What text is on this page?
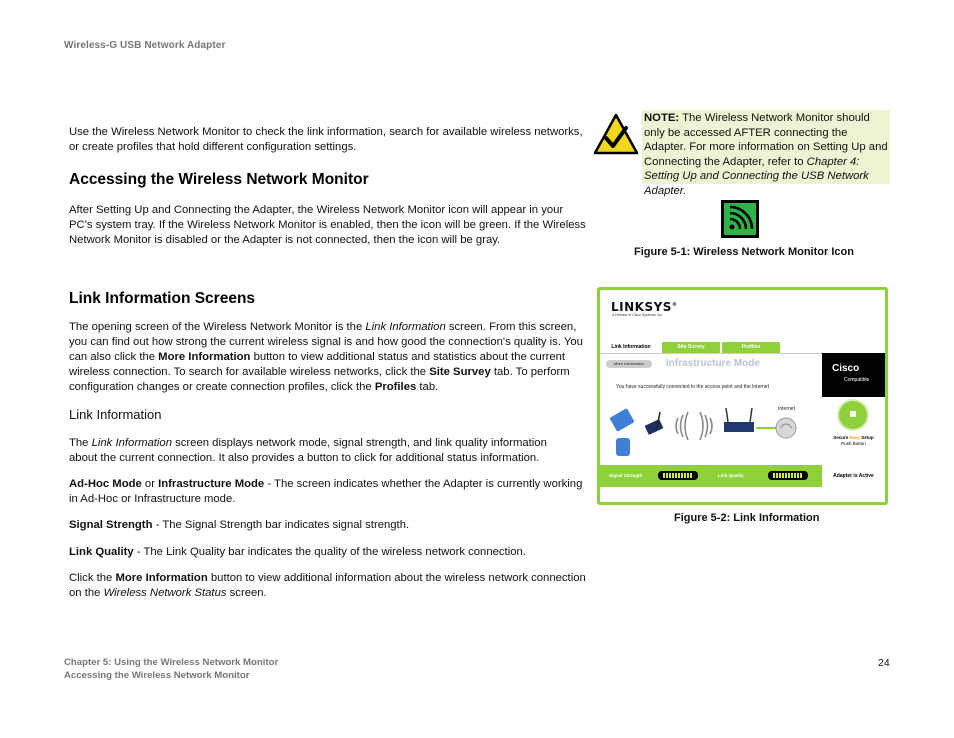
Wireless-G USB Network Adapter
Use the Wireless Network Monitor to check the link information, search for available wireless networks, or create profiles that hold different configuration settings.
Accessing the Wireless Network Monitor
After Setting Up and Connecting the Adapter, the Wireless Network Monitor icon will appear in your PC's system tray. If the Wireless Network Monitor is enabled, then the icon will be green. If the Wireless Network Monitor is disabled or the Adapter is not connected, then the icon will be gray.
Link Information Screens
The opening screen of the Wireless Network Monitor is the Link Information screen. From this screen, you can find out how strong the current wireless signal is and how good the connection's quality is. You can also click the More Information button to view additional status and statistics about the current wireless connection. To search for available wireless networks, click the Site Survey tab. To perform configuration changes or create connection profiles, click the Profiles tab.
Link Information
The Link Information screen displays network mode, signal strength, and link quality information about the current connection. It also provides a button to click for additional status information.
Ad-Hoc Mode or Infrastructure Mode - The screen indicates whether the Adapter is currently working in Ad-Hoc or Infrastructure mode.
Signal Strength - The Signal Strength bar indicates signal strength.
Link Quality - The Link Quality bar indicates the quality of the wireless network connection.
Click the More Information button to view additional information about the wireless network connection on the Wireless Network Status screen.
NOTE: The Wireless Network Monitor should only be accessed AFTER connecting the Adapter. For more information on Setting Up and Connecting the Adapter, refer to Chapter 4: Setting Up and Connecting the USB Network Adapter.
Figure 5-1: Wireless Network Monitor Icon
LINKSYS®
A Division of Cisco Systems, Inc.
Link Information	Site Survey	Profiles
More Information	Infrastructure Mode
You have successfully connected to the access point and the Internet
Internet
Cisco
Compatible
Secure Easy Setup
Push Button
Signal Strength	Link Quality	Adapter is Active
Figure 5-2: Link Information
Chapter 5: Using the Wireless Network Monitor
Accessing the Wireless Network Monitor
24
